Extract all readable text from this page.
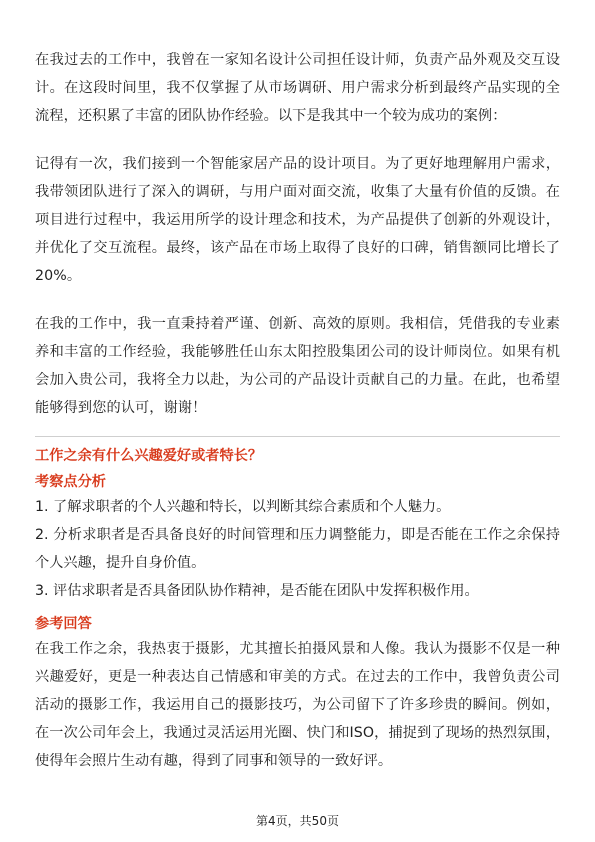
在我过去的工作中，我曾在一家知名设计公司担任设计师，负责产品外观及交互设计。在这段时间里，我不仅掌握了从市场调研、用户需求分析到最终产品实现的全流程，还积累了丰富的团队协作经验。以下是我其中一个较为成功的案例：

记得有一次，我们接到一个智能家居产品的设计项目。为了更好地理解用户需求，我带领团队进行了深入的调研，与用户面对面交流，收集了大量有价值的反馈。在项目进行过程中，我运用所学的设计理念和技术，为产品提供了创新的外观设计，并优化了交互流程。最终，该产品在市场上取得了良好的口碑，销售额同比增长了20%。

在我的工作中，我一直秉持着严谨、创新、高效的原则。我相信，凭借我的专业素养和丰富的工作经验，我能够胜任山东太阳控股集团公司的设计师岗位。如果有机会加入贵公司，我将全力以赴，为公司的产品设计贡献自己的力量。在此，也希望能够得到您的认可，谢谢！

工作之余有什么兴趣爱好或者特长？

考察点分析

1. 了解求职者的个人兴趣和特长，以判断其综合素质和个人魅力。

2. 分析求职者是否具备良好的时间管理和压力调整能力，即是否能在工作之余保持个人兴趣，提升自身价值。

3. 评估求职者是否具备团队协作精神，是否能在团队中发挥积极作用。

参考回答

在我工作之余，我热衷于摄影，尤其擅长拍摄风景和人像。我认为摄影不仅是一种兴趣爱好，更是一种表达自己情感和审美的方式。在过去的工作中，我曾负责公司活动的摄影工作，我运用自己的摄影技巧，为公司留下了许多珍贵的瞬间。例如，在一次公司年会上，我通过灵活运用光圈、快门和ISO，捕捉到了现场的热烈氛围，使得年会照片生动有趣，得到了同事和领导的一致好评。

第4页，共50页
